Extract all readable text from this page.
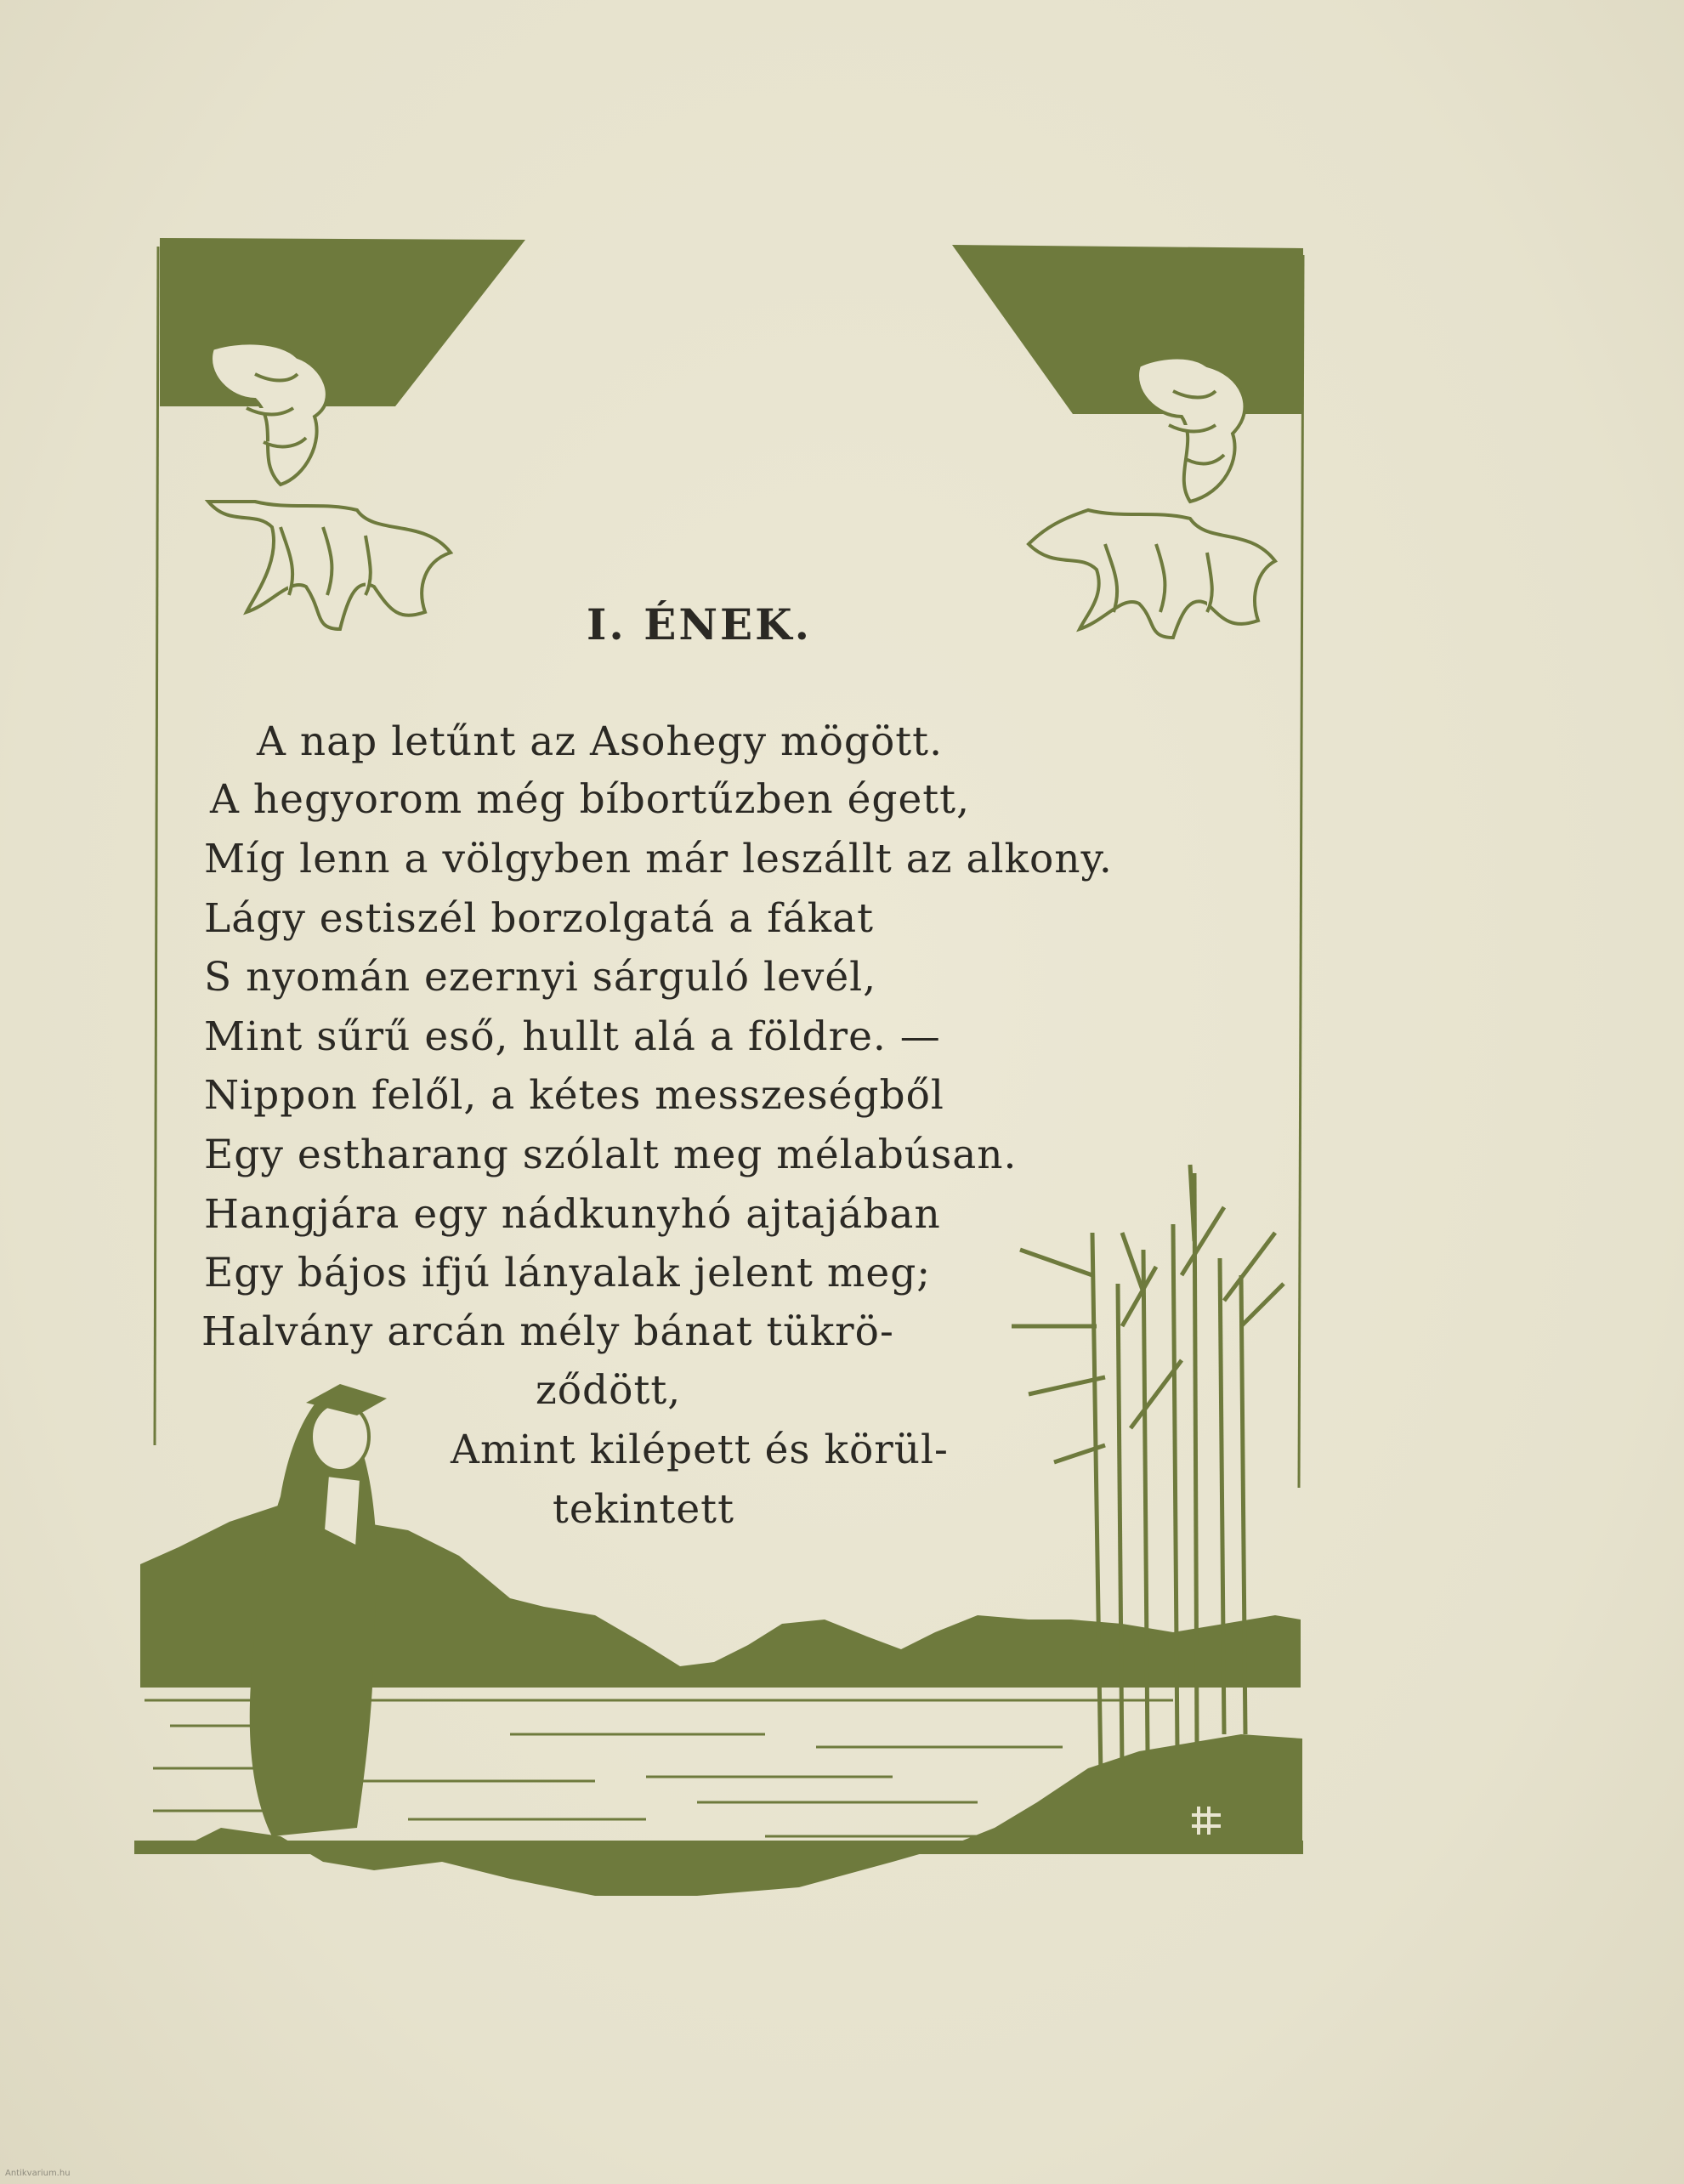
I. ÉNEK.

A nap letűnt az Asohegy mögött.

A hegyorom még bíbortűzben égett,

Míg lenn a völgyben már leszállt az alkony.

Lágy estiszél borzolgatá a fákat

S nyomán ezernyi sárguló levél,

Mint sűrű eső, hullt alá a földre. —

Nippon felől, a kétes messzeségből

Egy estharang szólalt meg mélabúsan.

Hangjára egy nádkunyhó ajtajában

Egy bájos ifjú lányalak jelent meg;

Halvány arcán mély bánat tükrö-

ződött,

Amint kilépett és körül-

tekintett

Antikvarium.hu
